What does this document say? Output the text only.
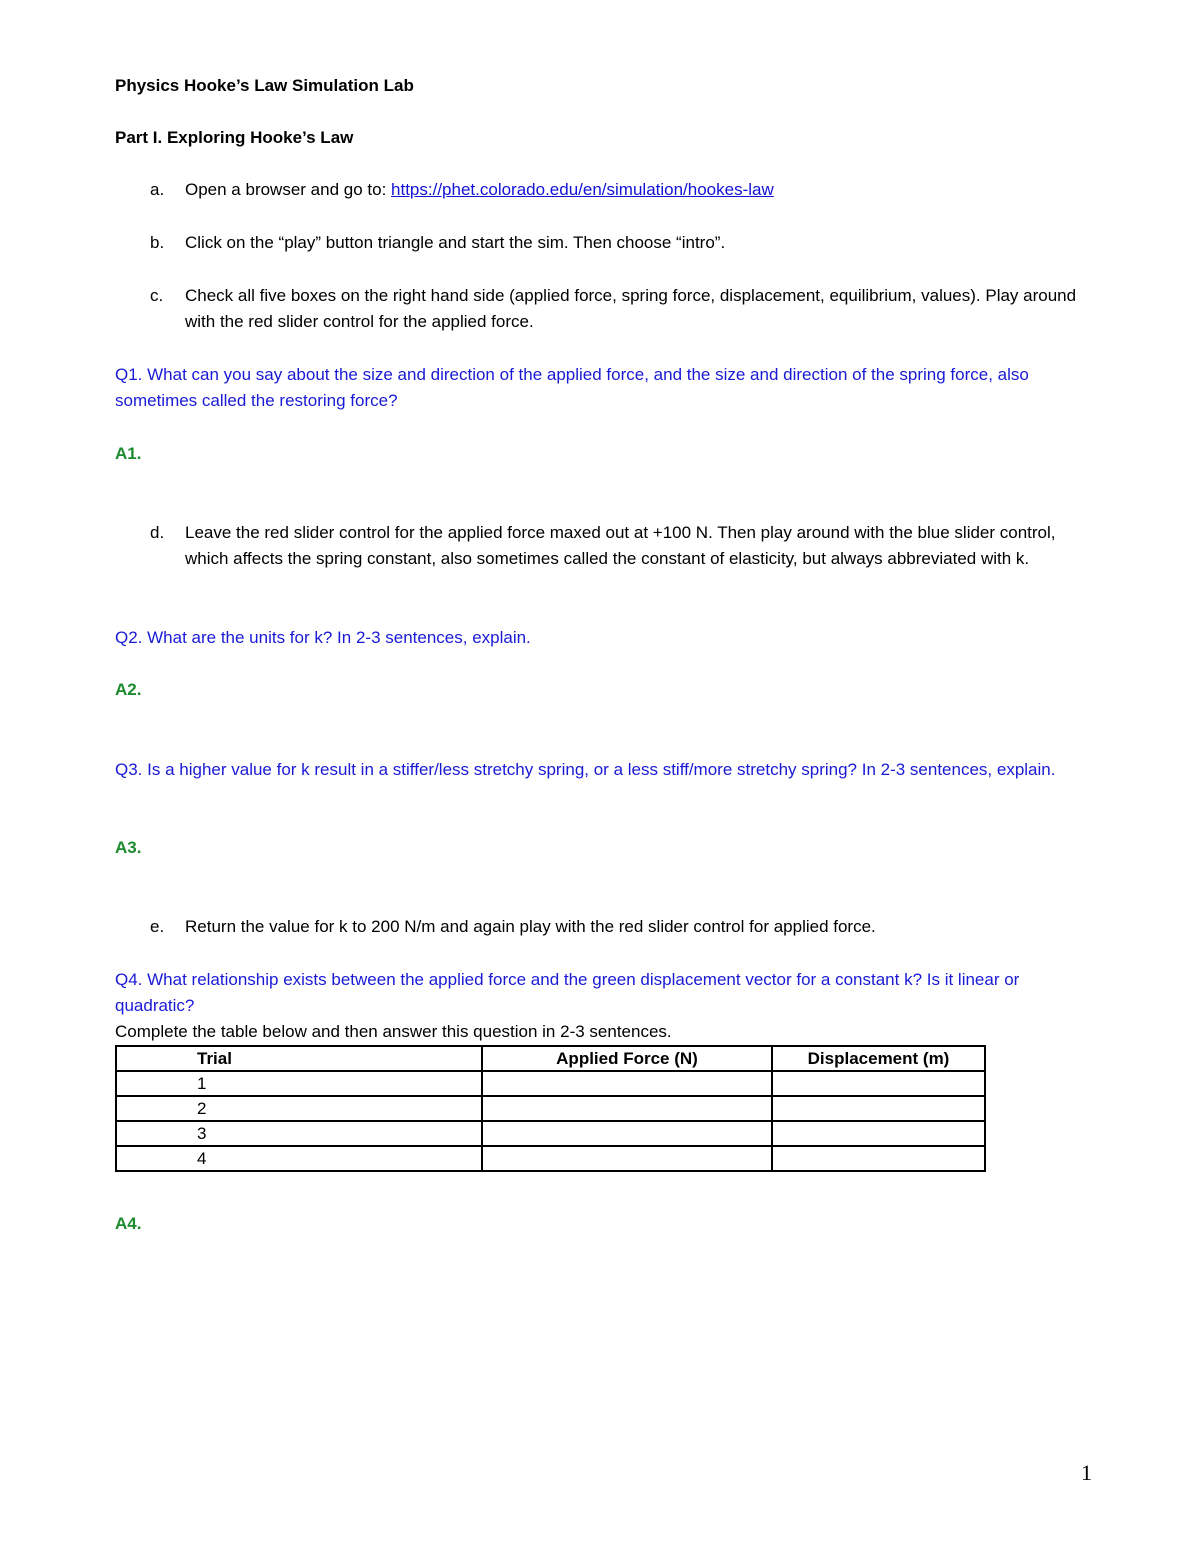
Physics Hooke’s Law Simulation Lab
Part I. Exploring Hooke’s Law
a.	Open a browser and go to: https://phet.colorado.edu/en/simulation/hookes-law
b.	Click on the “play” button triangle and start the sim. Then choose “intro”.
c.	Check all five boxes on the right hand side (applied force, spring force, displacement, equilibrium, values). Play around with the red slider control for the applied force.
Q1. What can you say about the size and direction of the applied force, and the size and direction of the spring force, also sometimes called the restoring force?
A1.
d.	Leave the red slider control for the applied force maxed out at +100 N. Then play around with the blue slider control, which affects the spring constant, also sometimes called the constant of elasticity, but always abbreviated with k.
Q2. What are the units for k? In 2-3 sentences, explain.
A2.
Q3. Is a higher value for k result in a stiffer/less stretchy spring, or a less stiff/more stretchy spring? In 2-3 sentences, explain.
A3.
e.	Return the value for k to 200 N/m and again play with the red slider control for applied force.
Q4. What relationship exists between the applied force and the green displacement vector for a constant k? Is it linear or quadratic?
Complete the table below and then answer this question in 2-3 sentences.
Trial	Applied Force (N)	Displacement (m)
1		
2		
3		
4		
A4.
1
